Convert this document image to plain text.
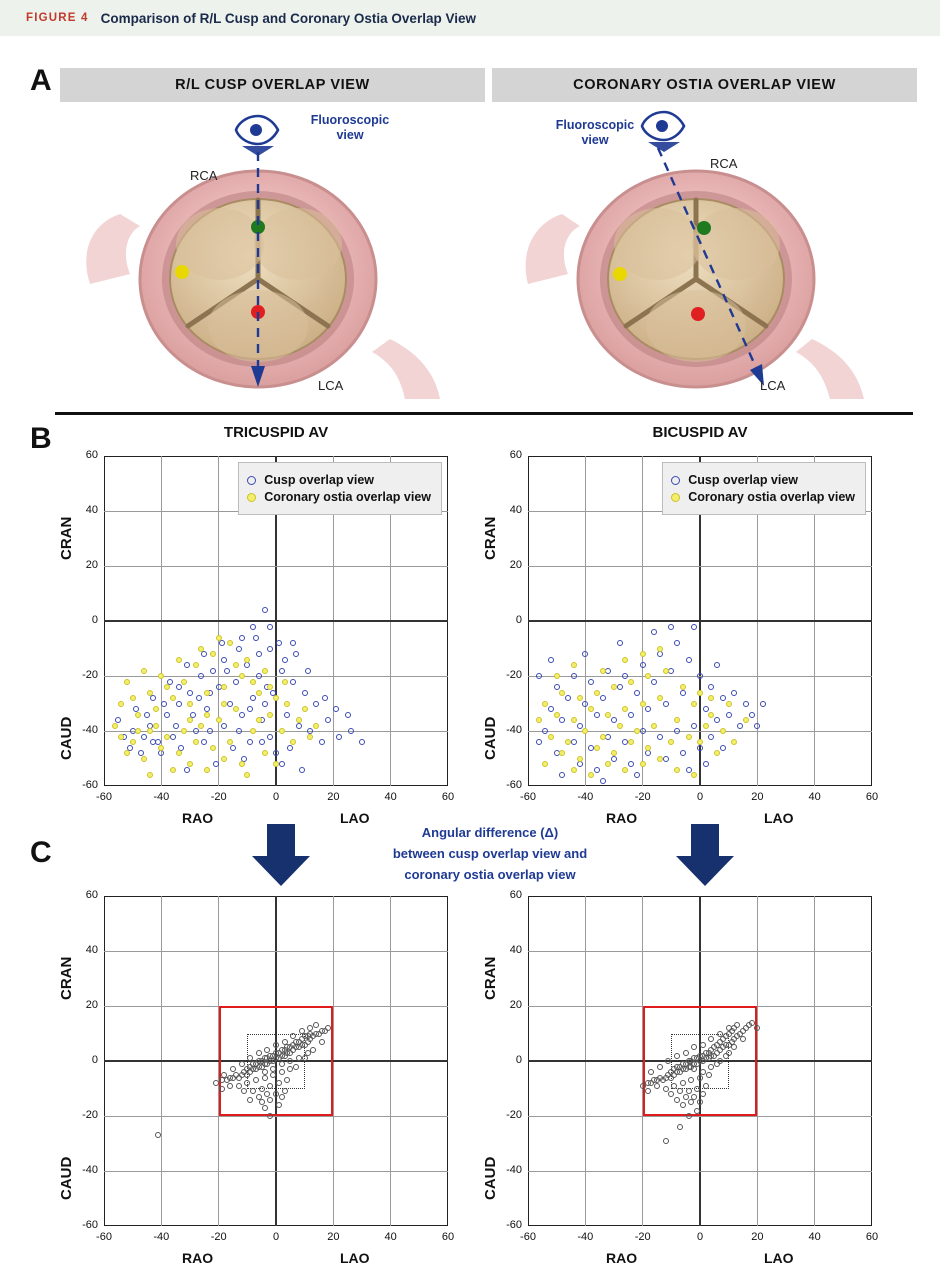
FIGURE 4 Comparison of R/L Cusp and Coronary Ostia Overlap View
A	R/L CUSP OVERLAP VIEW	CORONARY OSTIA OVERLAP VIEW
Fluoroscopic
view
RCA
LCA
Fluoroscopic
view
RCA
LCA
B	TRICUSPID AV	BICUSPID AV
60
40
20
0
-20
-40
-60
-60	-40	-20	0	20	40	60
Cusp overlap view
Coronary ostia overlap view
60
40
20
0
-20
-40
-60
-60	-40	-20	0	20	40	60
Cusp overlap view
Coronary ostia overlap view
CRAN
CAUD
CRAN
CAUD
RAO	LAO	RAO	LAO
Angular difference (Δ)
between cusp overlap view and
coronary ostia overlap view
C
60
40
20
0
-20
-40
-60
-60	-40	-20	0	20	40	60
60
40
20
0
-20
-40
-60
-60	-40	-20	0	20	40	60
CRAN
CAUD
CRAN
CAUD
RAO	LAO	RAO	LAO
